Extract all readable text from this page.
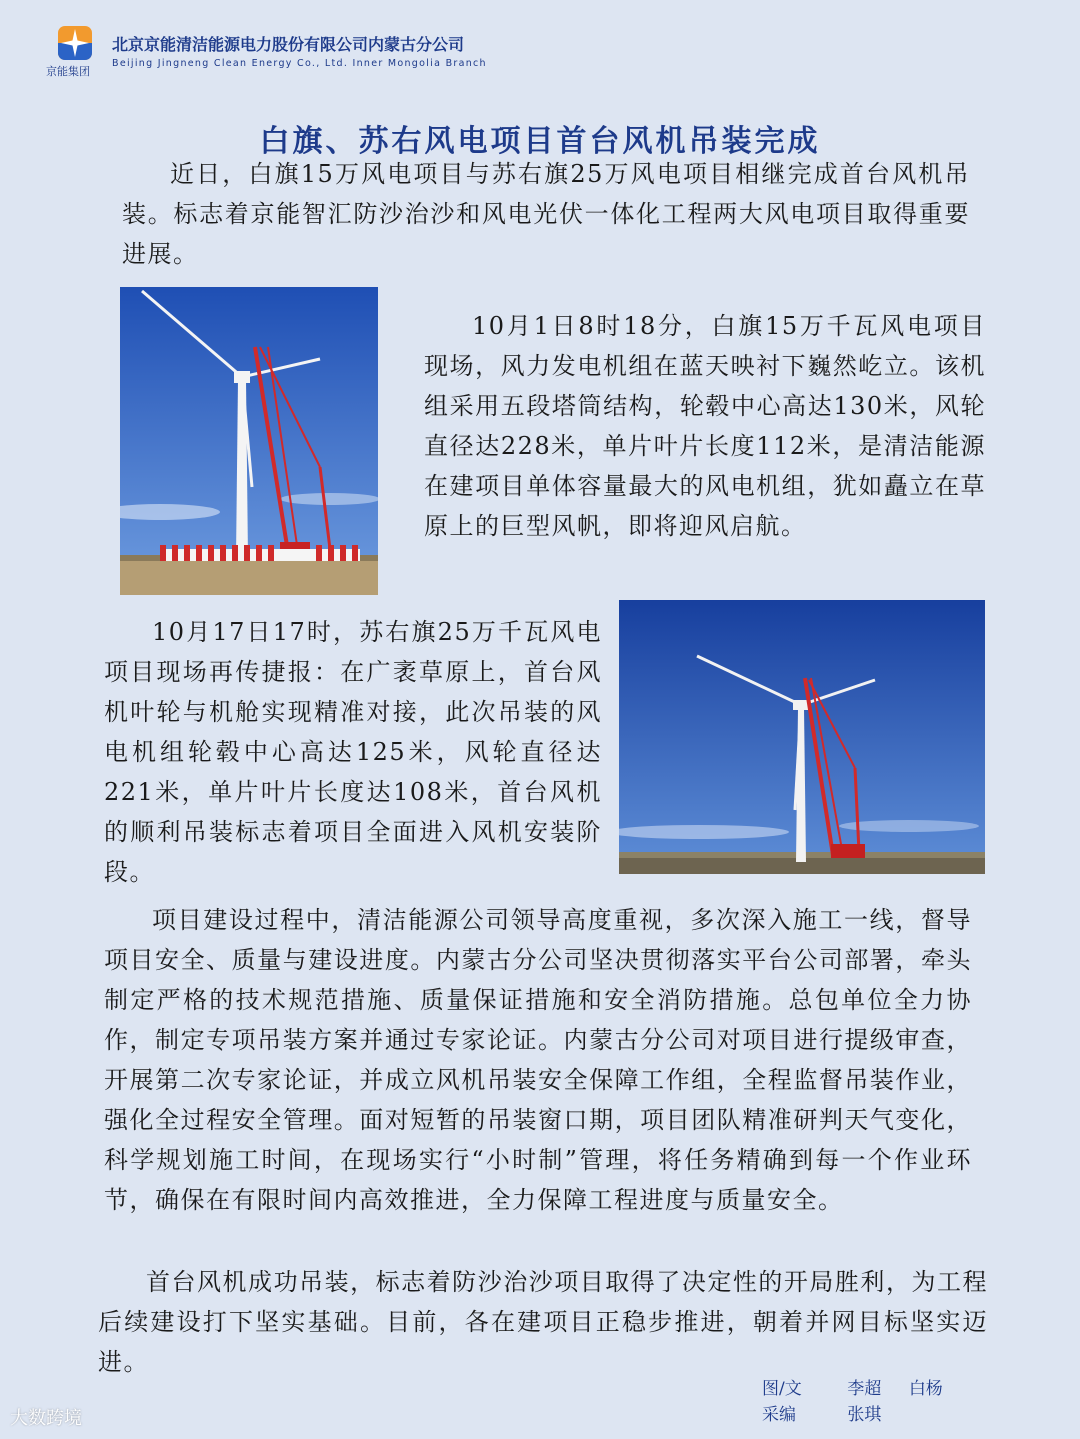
京能集团
北京京能清洁能源电力股份有限公司内蒙古分公司
Beijing Jingneng Clean Energy Co., Ltd. Inner Mongolia Branch
白旗、苏右风电项目首台风机吊装完成

近日，白旗15万风电项目与苏右旗25万风电项目相继完成首台风机吊装。标志着京能智汇防沙治沙和风电光伏一体化工程两大风电项目取得重要进展。

10月1日8时18分，白旗15万千瓦风电项目现场，风力发电机组在蓝天映衬下巍然屹立。该机组采用五段塔筒结构，轮毂中心高达130米，风轮直径达228米，单片叶片长度112米，是清洁能源在建项目单体容量最大的风电机组，犹如矗立在草原上的巨型风帆，即将迎风启航。

10月17日17时，苏右旗25万千瓦风电项目现场再传捷报：在广袤草原上，首台风机叶轮与机舱实现精准对接，此次吊装的风电机组轮毂中心高达125米，风轮直径达221米，单片叶片长度达108米，首台风机的顺利吊装标志着项目全面进入风机安装阶段。

项目建设过程中，清洁能源公司领导高度重视，多次深入施工一线，督导项目安全、质量与建设进度。内蒙古分公司坚决贯彻落实平台公司部署，牵头制定严格的技术规范措施、质量保证措施和安全消防措施。总包单位全力协作，制定专项吊装方案并通过专家论证。内蒙古分公司对项目进行提级审查，开展第二次专家论证，并成立风机吊装安全保障工作组，全程监督吊装作业，强化全过程安全管理。面对短暂的吊装窗口期，项目团队精准研判天气变化，科学规划施工时间，在现场实行“小时制”管理，将任务精确到每一个作业环节，确保在有限时间内高效推进，全力保障工程进度与质量安全。

首台风机成功吊装，标志着防沙治沙项目取得了决定性的开局胜利，为工程后续建设打下坚实基础。目前，各在建项目正稳步推进，朝着并网目标坚实迈进。

图/文	李超 白杨
采编	张琪
大数跨境
